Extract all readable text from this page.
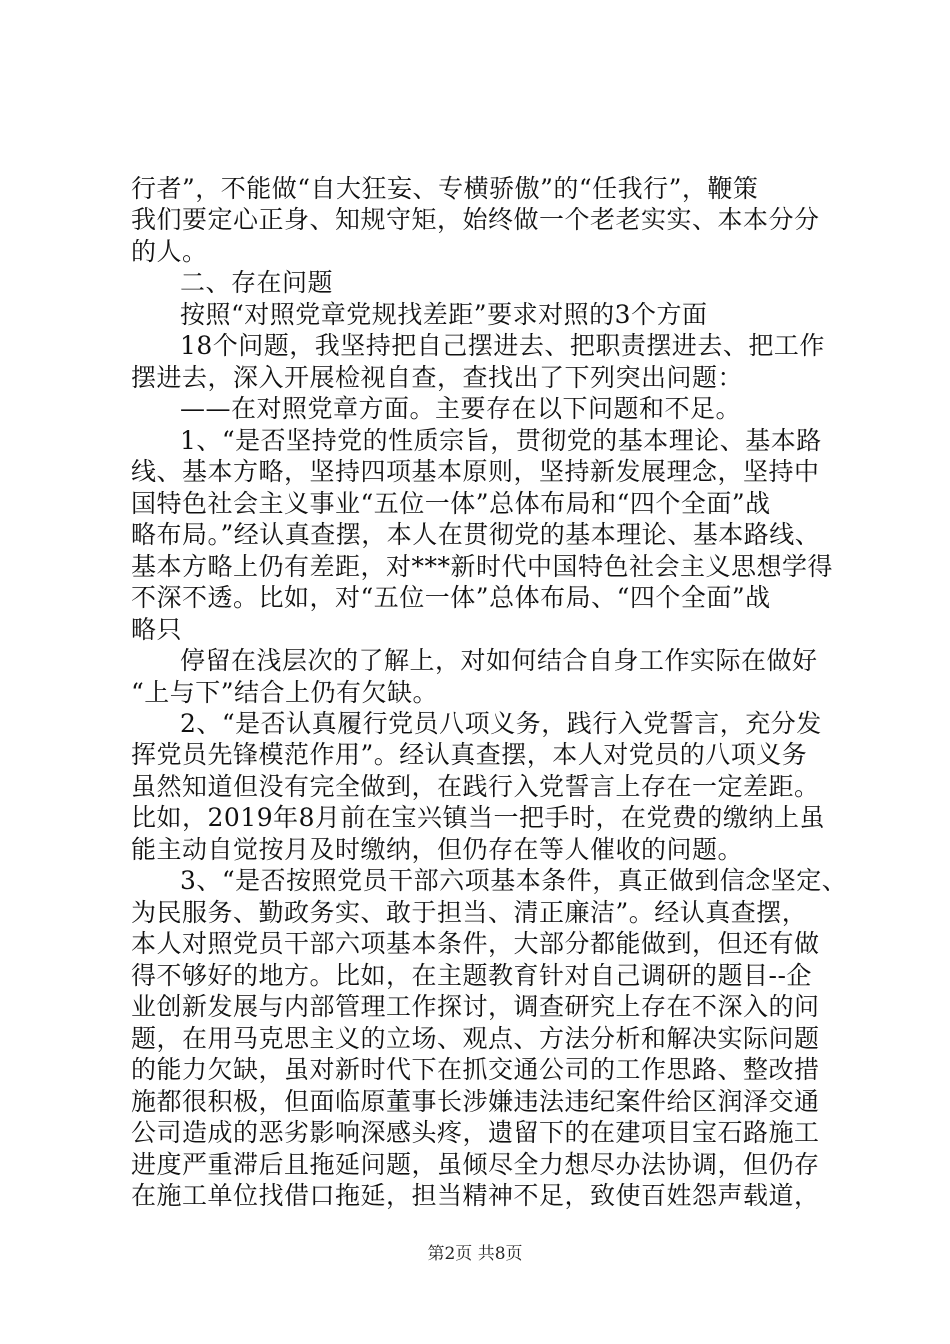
行者”，不能做“自大狂妄、专横骄傲”的“任我行”，鞭策
我们要定心正身、知规守矩，始终做一个老老实实、本本分分
的人。
二、存在问题
按照“对照党章党规找差距”要求对照的3个方面
18个问题，我坚持把自己摆进去、把职责摆进去、把工作
摆进去，深入开展检视自查，查找出了下列突出问题：
——在对照党章方面。主要存在以下问题和不足。
1、“是否坚持党的性质宗旨，贯彻党的基本理论、基本路
线、基本方略，坚持四项基本原则，坚持新发展理念，坚持中
国特色社会主义事业“五位一体”总体布局和“四个全面”战
略布局。”经认真查摆，本人在贯彻党的基本理论、基本路线、
基本方略上仍有差距，对***新时代中国特色社会主义思想学得
不深不透。比如，对“五位一体”总体布局、“四个全面”战
略只
停留在浅层次的了解上，对如何结合自身工作实际在做好
“上与下”结合上仍有欠缺。
2、“是否认真履行党员八项义务，践行入党誓言，充分发
挥党员先锋模范作用”。经认真查摆，本人对党员的八项义务
虽然知道但没有完全做到，在践行入党誓言上存在一定差距。
比如，2019年8月前在宝兴镇当一把手时，在党费的缴纳上虽
能主动自觉按月及时缴纳，但仍存在等人催收的问题。
3、“是否按照党员干部六项基本条件，真正做到信念坚定、
为民服务、勤政务实、敢于担当、清正廉洁”。经认真查摆，
本人对照党员干部六项基本条件，大部分都能做到，但还有做
得不够好的地方。比如，在主题教育针对自己调研的题目--企
业创新发展与内部管理工作探讨，调查研究上存在不深入的问
题，在用马克思主义的立场、观点、方法分析和解决实际问题
的能力欠缺，虽对新时代下在抓交通公司的工作思路、整改措
施都很积极，但面临原董事长涉嫌违法违纪案件给区润泽交通
公司造成的恶劣影响深感头疼，遗留下的在建项目宝石路施工
进度严重滞后且拖延问题，虽倾尽全力想尽办法协调，但仍存
在施工单位找借口拖延，担当精神不足，致使百姓怨声载道，
第2页 共8页
